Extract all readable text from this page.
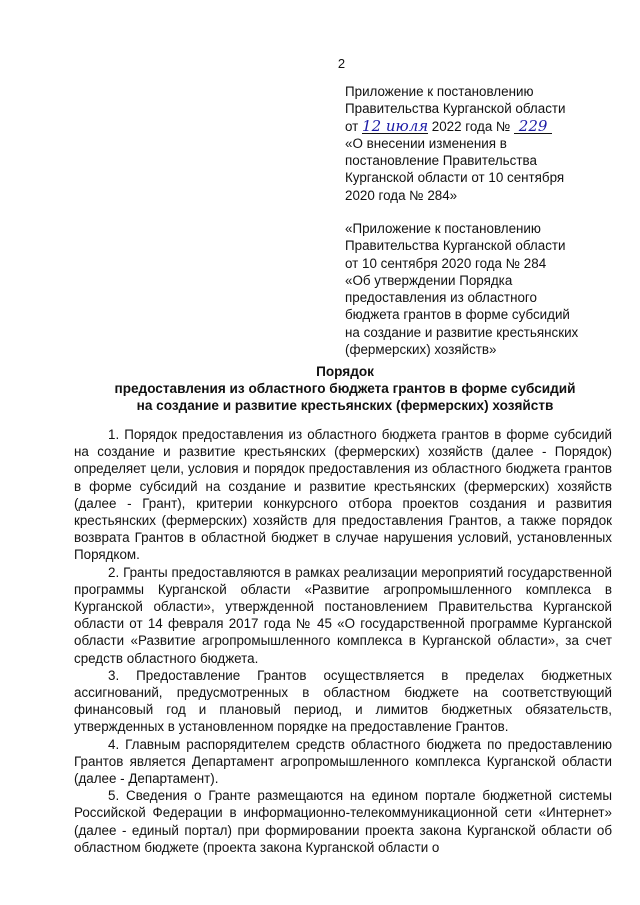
2
Приложение к постановлению
Правительства Курганской области
от 12 июля 2022 года № 229
«О внесении изменения в
постановление Правительства
Курганской области от 10 сентября
2020 года № 284»
«Приложение к постановлению
Правительства Курганской области
от 10 сентября 2020 года № 284
«Об утверждении Порядка
предоставления из областного
бюджета грантов в форме субсидий
на создание и развитие крестьянских
(фермерских) хозяйств»
Порядок
предоставления из областного бюджета грантов в форме субсидий
на создание и развитие крестьянских (фермерских) хозяйств

1. Порядок предоставления из областного бюджета грантов в форме субсидий на создание и развитие крестьянских (фермерских) хозяйств (далее - Порядок) определяет цели, условия и порядок предоставления из областного бюджета грантов в форме субсидий на создание и развитие крестьянских (фермерских) хозяйств (далее - Грант), критерии конкурсного отбора проектов создания и развития крестьянских (фермерских) хозяйств для предоставления Грантов, а также порядок возврата Грантов в областной бюджет в случае нарушения условий, установленных Порядком.

2. Гранты предоставляются в рамках реализации мероприятий государственной программы Курганской области «Развитие агропромышленного комплекса в Курганской области», утвержденной постановлением Правительства Курганской области от 14 февраля 2017 года № 45 «О государственной программе Курганской области «Развитие агропромышленного комплекса в Курганской области», за счет средств областного бюджета.

3. Предоставление Грантов осуществляется в пределах бюджетных ассигнований, предусмотренных в областном бюджете на соответствующий финансовый год и плановый период, и лимитов бюджетных обязательств, утвержденных в установленном порядке на предоставление Грантов.

4. Главным распорядителем средств областного бюджета по предоставлению Грантов является Департамент агропромышленного комплекса Курганской области (далее - Департамент).

5. Сведения о Гранте размещаются на едином портале бюджетной системы Российской Федерации в информационно-телекоммуникационной сети «Интернет» (далее - единый портал) при формировании проекта закона Курганской области об областном бюджете (проекта закона Курганской области о
